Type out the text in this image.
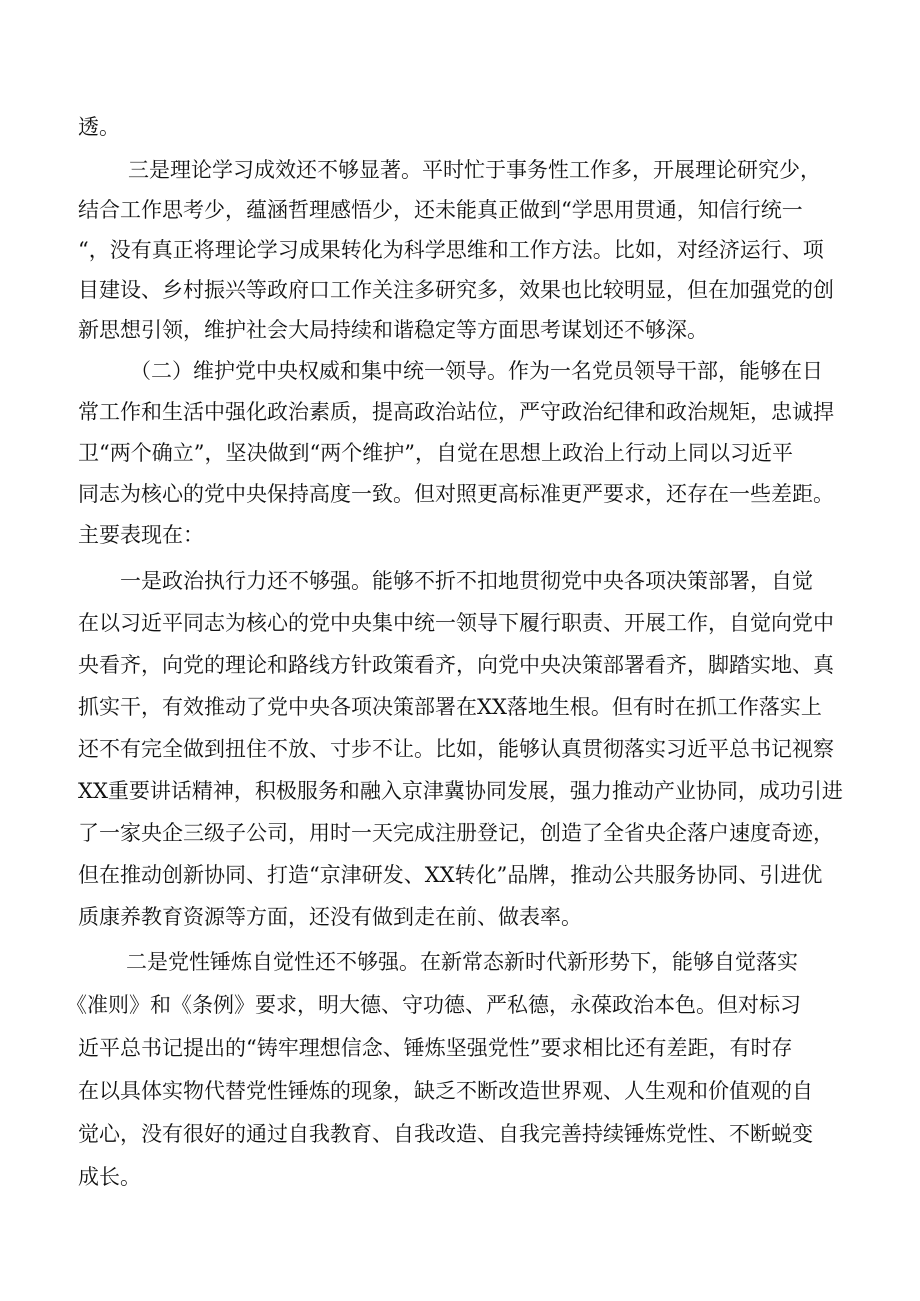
透。
三是理论学习成效还不够显著。平时忙于事务性工作多，开展理论研究少，
结合工作思考少，蕴涵哲理感悟少，还未能真正做到“学思用贯通，知信行统一
“，没有真正将理论学习成果转化为科学思维和工作方法。比如，对经济运行、项
目建设、乡村振兴等政府口工作关注多研究多，效果也比较明显，但在加强党的创
新思想引领，维护社会大局持续和谐稳定等方面思考谋划还不够深。
（二）维护党中央权威和集中统一领导。作为一名党员领导干部，能够在日
常工作和生活中强化政治素质，提高政治站位，严守政治纪律和政治规矩，忠诚捍
卫“两个确立”，坚决做到“两个维护”，自觉在思想上政治上行动上同以习近平
同志为核心的党中央保持高度一致。但对照更高标准更严要求，还存在一些差距。
主要表现在：
一是政治执行力还不够强。能够不折不扣地贯彻党中央各项决策部署，自觉
在以习近平同志为核心的党中央集中统一领导下履行职责、开展工作，自觉向党中
央看齐，向党的理论和路线方针政策看齐，向党中央决策部署看齐，脚踏实地、真
抓实干，有效推动了党中央各项决策部署在XX落地生根。但有时在抓工作落实上
还不有完全做到扭住不放、寸步不让。比如，能够认真贯彻落实习近平总书记视察
XX重要讲话精神，积极服务和融入京津冀协同发展，强力推动产业协同，成功引进
了一家央企三级子公司，用时一天完成注册登记，创造了全省央企落户速度奇迹，
但在推动创新协同、打造“京津研发、XX转化”品牌，推动公共服务协同、引进优
质康养教育资源等方面，还没有做到走在前、做表率。
二是党性锤炼自觉性还不够强。在新常态新时代新形势下，能够自觉落实
《准则》和《条例》要求，明大德、守功德、严私德，永葆政治本色。但对标习
近平总书记提出的“铸牢理想信念、锤炼坚强党性”要求相比还有差距，有时存
在以具体实物代替党性锤炼的现象，缺乏不断改造世界观、人生观和价值观的自
觉心，没有很好的通过自我教育、自我改造、自我完善持续锤炼党性、不断蜕变
成长。
